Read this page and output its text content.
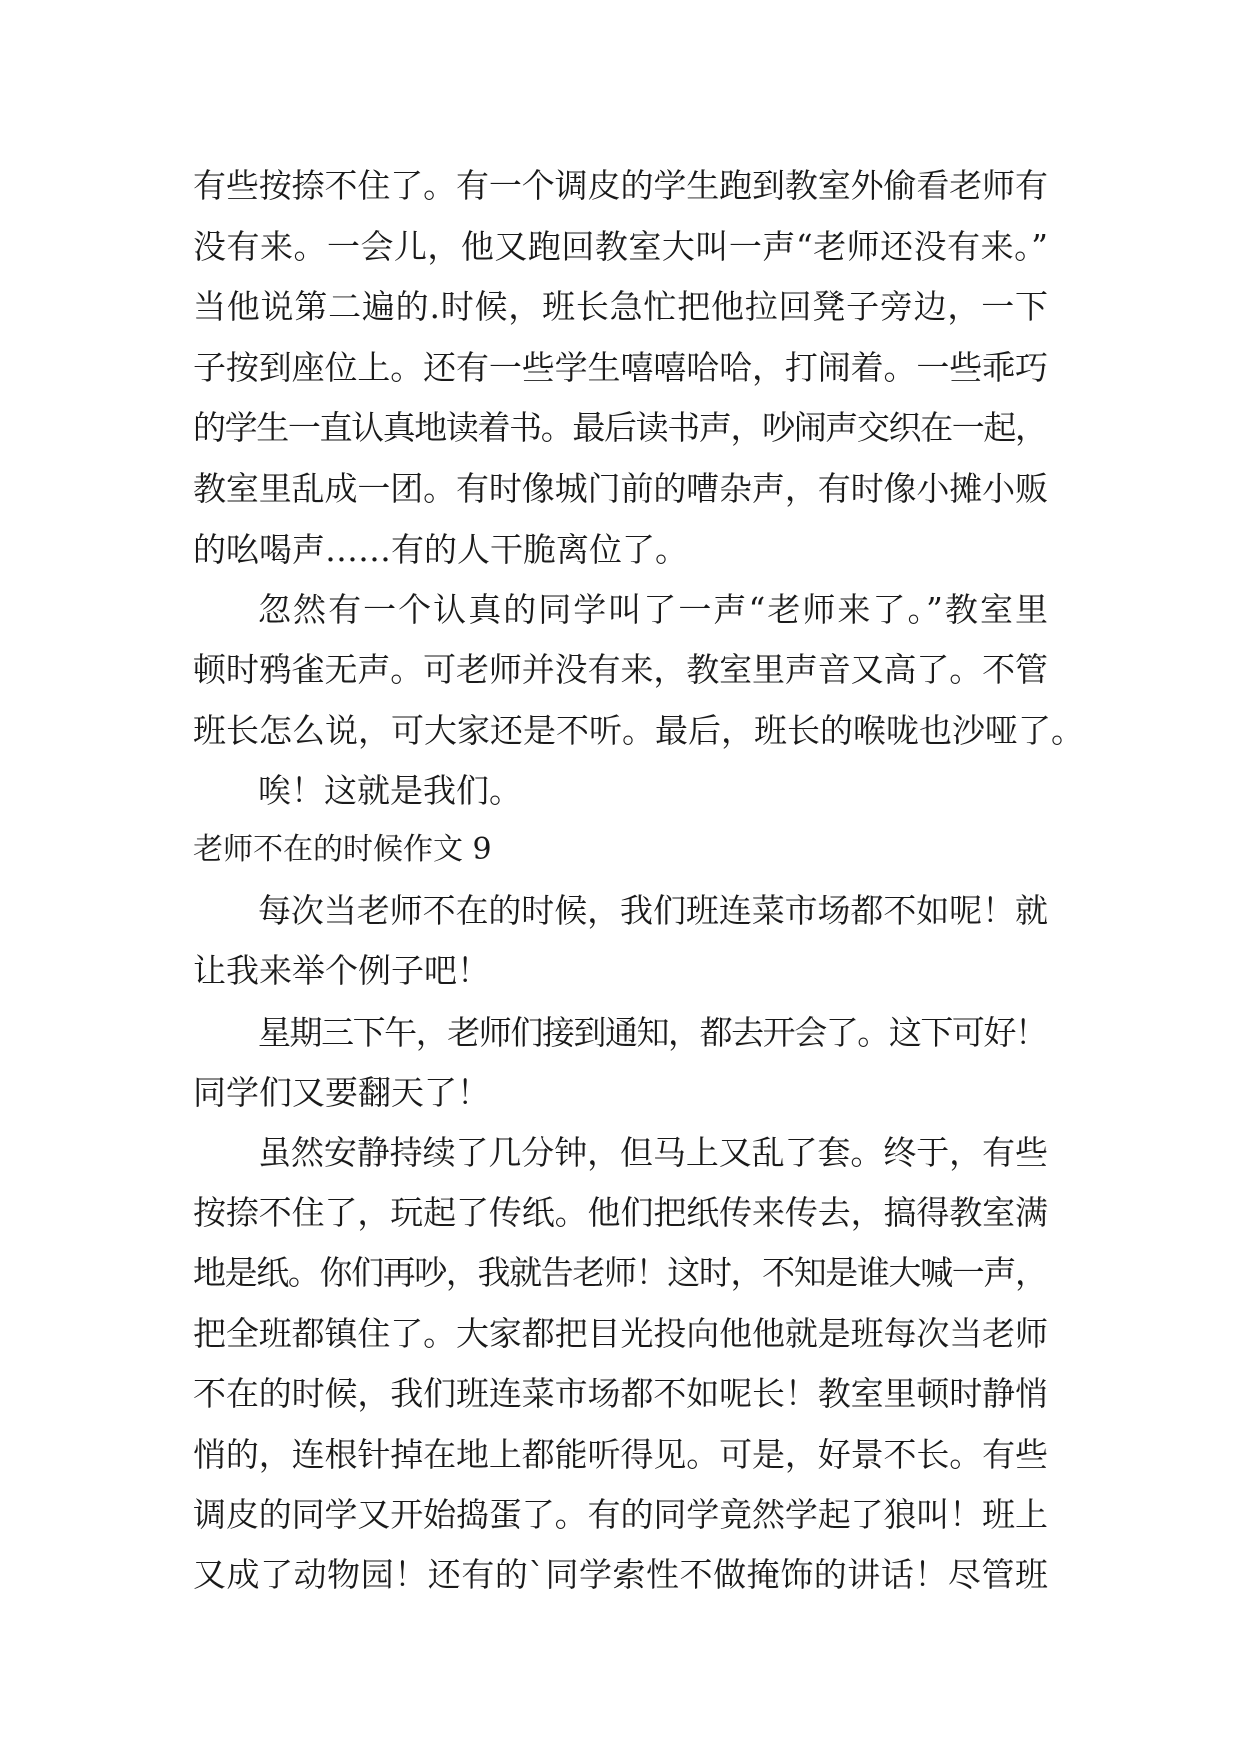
有些按捺不住了。有一个调皮的学生跑到教室外偷看老师有
没有来。一会儿，他又跑回教室大叫一声“老师还没有来。”
当他说第二遍的.时候，班长急忙把他拉回凳子旁边，一下
子按到座位上。还有一些学生嘻嘻哈哈，打闹着。一些乖巧
的学生一直认真地读着书。最后读书声，吵闹声交织在一起，
教室里乱成一团。有时像城门前的嘈杂声，有时像小摊小贩
的吆喝声……有的人干脆离位了。
忽然有一个认真的同学叫了一声“老师来了。”教室里
顿时鸦雀无声。可老师并没有来，教室里声音又高了。不管
班长怎么说，可大家还是不听。最后，班长的喉咙也沙哑了。
唉！这就是我们。
老师不在的时候作文 9
每次当老师不在的时候，我们班连菜市场都不如呢！就
让我来举个例子吧！
星期三下午，老师们接到通知，都去开会了。这下可好！
同学们又要翻天了！
虽然安静持续了几分钟，但马上又乱了套。终于，有些
按捺不住了，玩起了传纸。他们把纸传来传去，搞得教室满
地是纸。你们再吵，我就告老师！这时，不知是谁大喊一声，
把全班都镇住了。大家都把目光投向他他就是班每次当老师
不在的时候，我们班连菜市场都不如呢长！教室里顿时静悄
悄的，连根针掉在地上都能听得见。可是，好景不长。有些
调皮的同学又开始捣蛋了。有的同学竟然学起了狼叫！班上
又成了动物园！还有的`同学索性不做掩饰的讲话！尽管班
